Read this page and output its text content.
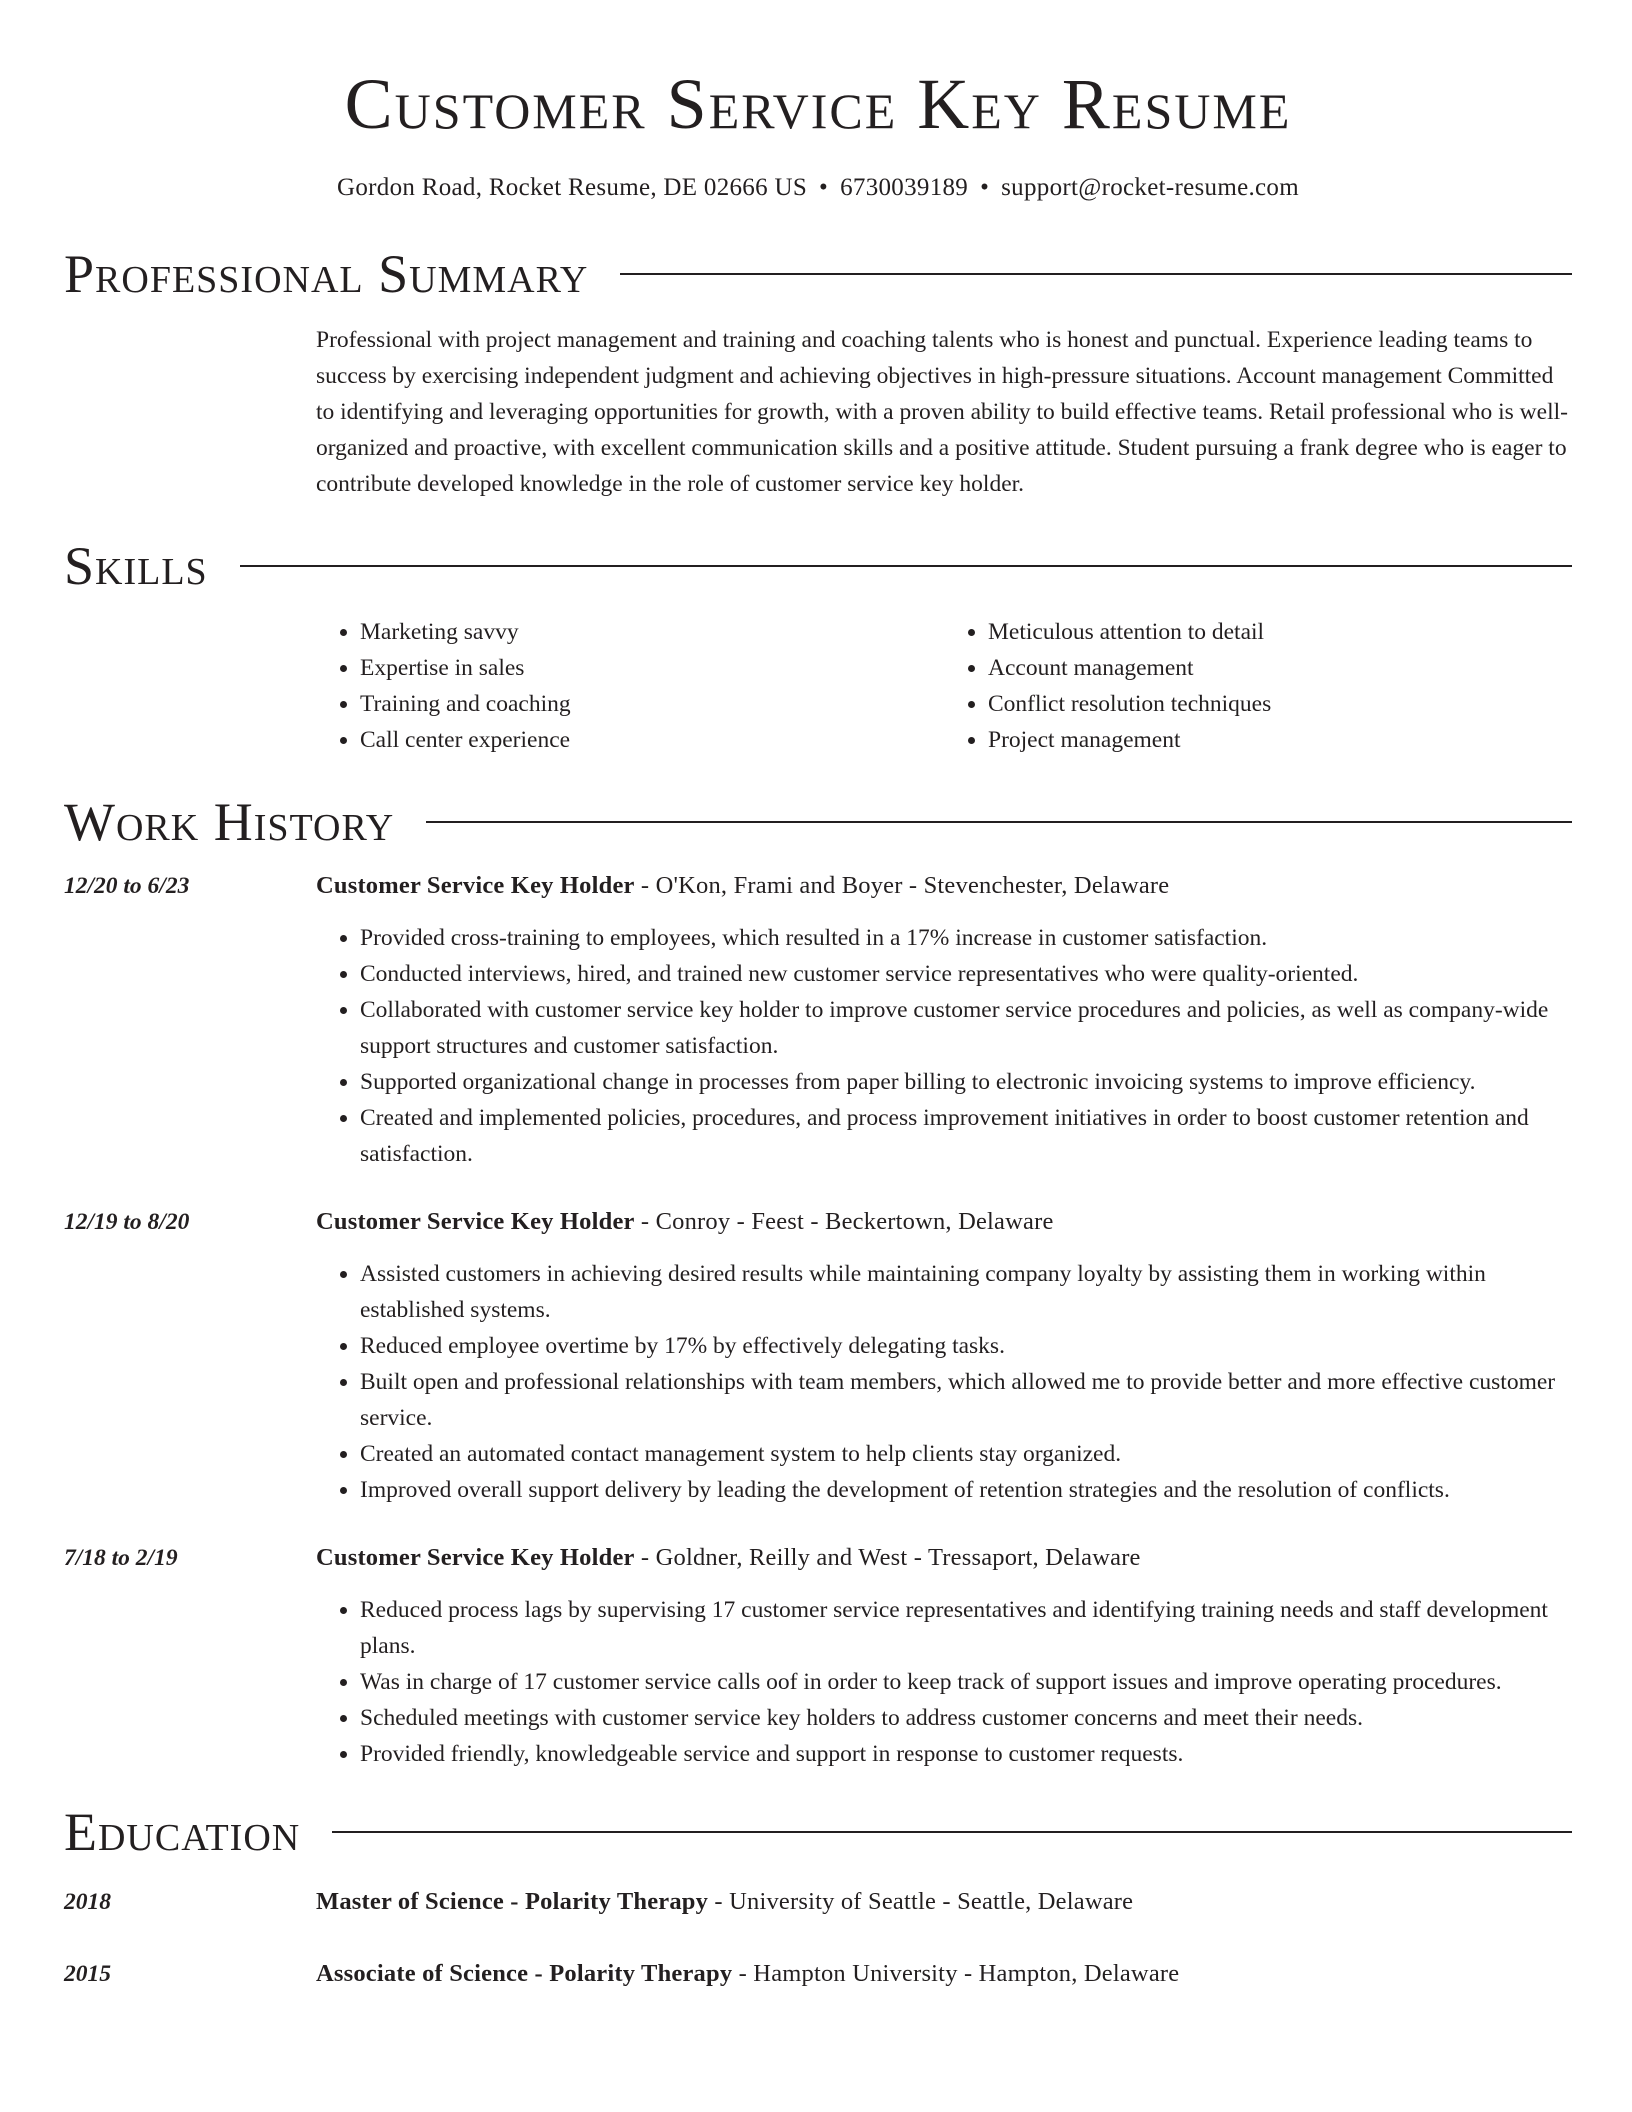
Customer Service Key Resume
Gordon Road, Rocket Resume, DE 02666 US • 6730039189 • support@rocket-resume.com
Professional Summary
Professional with project management and training and coaching talents who is honest and punctual. Experience leading teams to success by exercising independent judgment and achieving objectives in high-pressure situations. Account management Committed to identifying and leveraging opportunities for growth, with a proven ability to build effective teams. Retail professional who is well-organized and proactive, with excellent communication skills and a positive attitude. Student pursuing a frank degree who is eager to contribute developed knowledge in the role of customer service key holder.
Skills
• Marketing savvy
• Expertise in sales
• Training and coaching
• Call center experience
• Meticulous attention to detail
• Account management
• Conflict resolution techniques
• Project management
Work History
12/20 to 6/23	Customer Service Key Holder - O'Kon, Frami and Boyer - Stevenchester, Delaware
• Provided cross-training to employees, which resulted in a 17% increase in customer satisfaction.
• Conducted interviews, hired, and trained new customer service representatives who were quality-oriented.
• Collaborated with customer service key holder to improve customer service procedures and policies, as well as company-wide support structures and customer satisfaction.
• Supported organizational change in processes from paper billing to electronic invoicing systems to improve efficiency.
• Created and implemented policies, procedures, and process improvement initiatives in order to boost customer retention and satisfaction.
12/19 to 8/20	Customer Service Key Holder - Conroy - Feest - Beckertown, Delaware
• Assisted customers in achieving desired results while maintaining company loyalty by assisting them in working within established systems.
• Reduced employee overtime by 17% by effectively delegating tasks.
• Built open and professional relationships with team members, which allowed me to provide better and more effective customer service.
• Created an automated contact management system to help clients stay organized.
• Improved overall support delivery by leading the development of retention strategies and the resolution of conflicts.
7/18 to 2/19	Customer Service Key Holder - Goldner, Reilly and West - Tressaport, Delaware
• Reduced process lags by supervising 17 customer service representatives and identifying training needs and staff development plans.
• Was in charge of 17 customer service calls oof in order to keep track of support issues and improve operating procedures.
• Scheduled meetings with customer service key holders to address customer concerns and meet their needs.
• Provided friendly, knowledgeable service and support in response to customer requests.
Education
2018	Master of Science - Polarity Therapy - University of Seattle - Seattle, Delaware
2015	Associate of Science - Polarity Therapy - Hampton University - Hampton, Delaware
